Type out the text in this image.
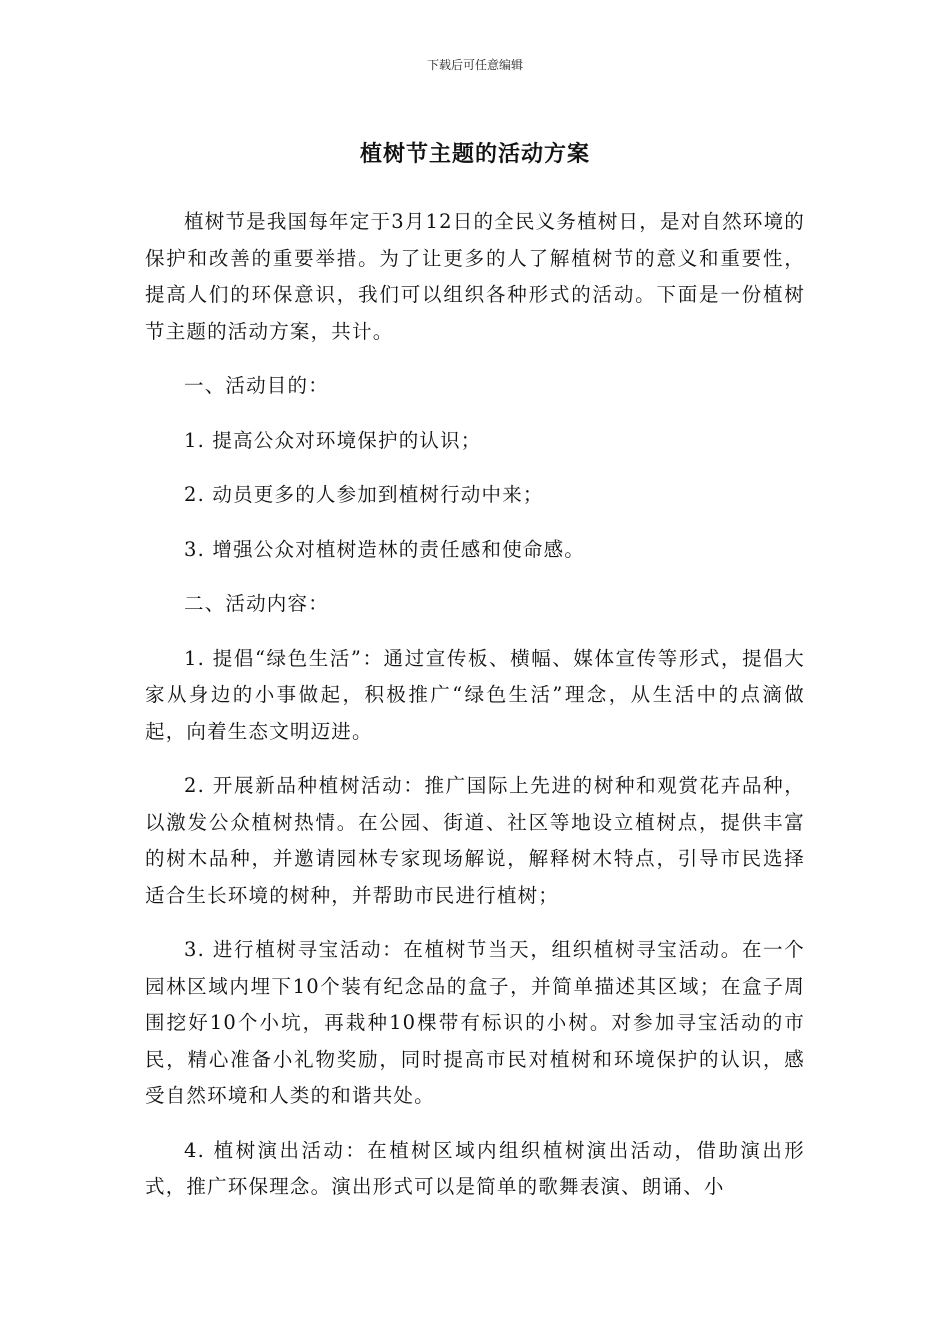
下载后可任意编辑
植树节主题的活动方案

植树节是我国每年定于3月12日的全民义务植树日，是对自然环境的保护和改善的重要举措。为了让更多的人了解植树节的意义和重要性，提高人们的环保意识，我们可以组织各种形式的活动。下面是一份植树节主题的活动方案，共计。

一、活动目的：

1. 提高公众对环境保护的认识；

2. 动员更多的人参加到植树行动中来；

3. 增强公众对植树造林的责任感和使命感。

二、活动内容：

1. 提倡“绿色生活”：通过宣传板、横幅、媒体宣传等形式，提倡大家从身边的小事做起，积极推广“绿色生活”理念，从生活中的点滴做起，向着生态文明迈进。

2. 开展新品种植树活动：推广国际上先进的树种和观赏花卉品种，以激发公众植树热情。在公园、街道、社区等地设立植树点，提供丰富的树木品种，并邀请园林专家现场解说，解释树木特点，引导市民选择适合生长环境的树种，并帮助市民进行植树；

3. 进行植树寻宝活动：在植树节当天，组织植树寻宝活动。在一个园林区域内埋下10个装有纪念品的盒子，并简单描述其区域；在盒子周围挖好10个小坑，再栽种10棵带有标识的小树。对参加寻宝活动的市民，精心准备小礼物奖励，同时提高市民对植树和环境保护的认识，感受自然环境和人类的和谐共处。

4. 植树演出活动：在植树区域内组织植树演出活动，借助演出形式，推广环保理念。演出形式可以是简单的歌舞表演、朗诵、小
